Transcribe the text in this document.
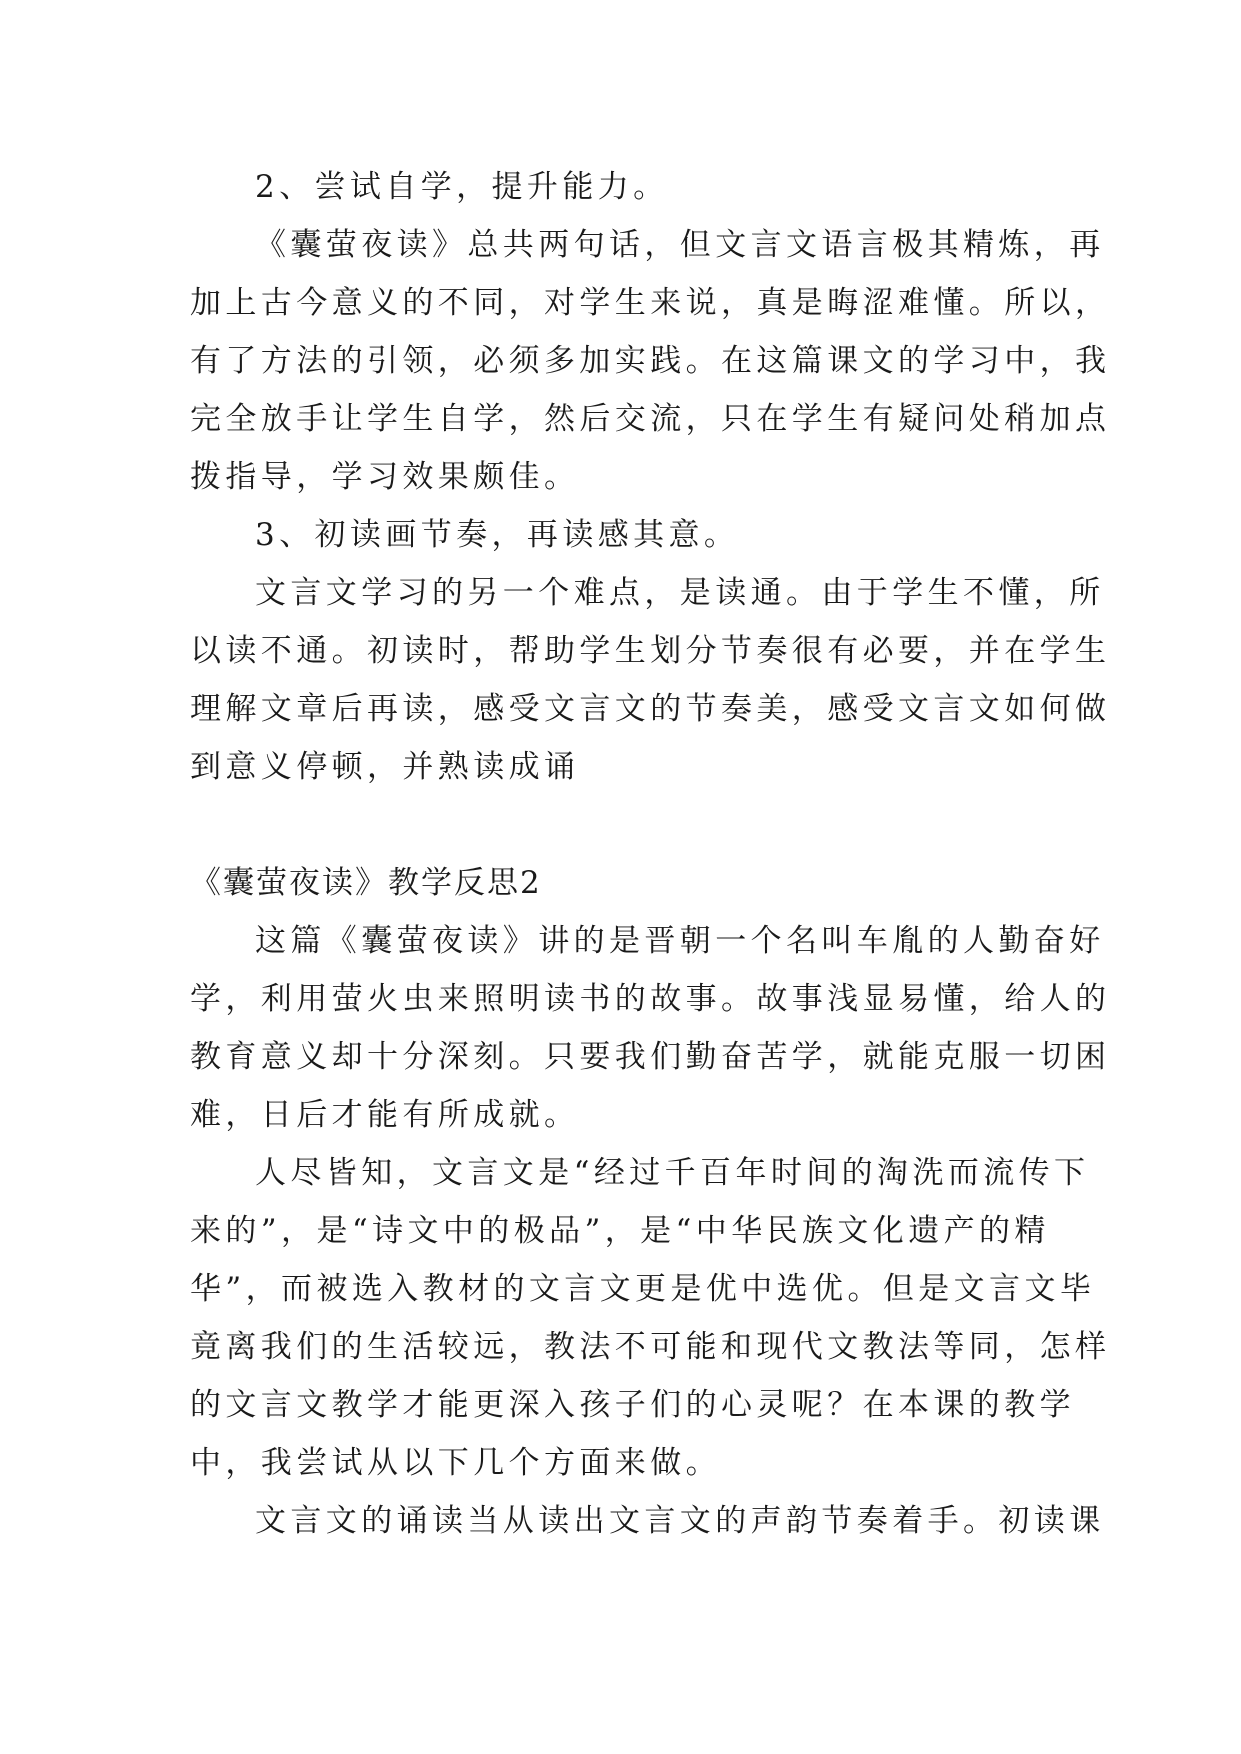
2、尝试自学，提升能力。
《囊萤夜读》总共两句话，但文言文语言极其精炼，再
加上古今意义的不同，对学生来说，真是晦涩难懂。所以，
有了方法的引领，必须多加实践。在这篇课文的学习中，我
完全放手让学生自学，然后交流，只在学生有疑问处稍加点
拨指导，学习效果颇佳。
3、初读画节奏，再读感其意。
文言文学习的另一个难点，是读通。由于学生不懂，所
以读不通。初读时，帮助学生划分节奏很有必要，并在学生
理解文章后再读，感受文言文的节奏美，感受文言文如何做
到意义停顿，并熟读成诵
《囊萤夜读》教学反思2
这篇《囊萤夜读》讲的是晋朝一个名叫车胤的人勤奋好
学，利用萤火虫来照明读书的故事。故事浅显易懂，给人的
教育意义却十分深刻。只要我们勤奋苦学，就能克服一切困
难，日后才能有所成就。
人尽皆知，文言文是“经过千百年时间的淘洗而流传下
来的”，是“诗文中的极品”，是“中华民族文化遗产的精
华”，而被选入教材的文言文更是优中选优。但是文言文毕
竟离我们的生活较远，教法不可能和现代文教法等同，怎样
的文言文教学才能更深入孩子们的心灵呢？在本课的教学
中，我尝试从以下几个方面来做。
文言文的诵读当从读出文言文的声韵节奏着手。初读课
